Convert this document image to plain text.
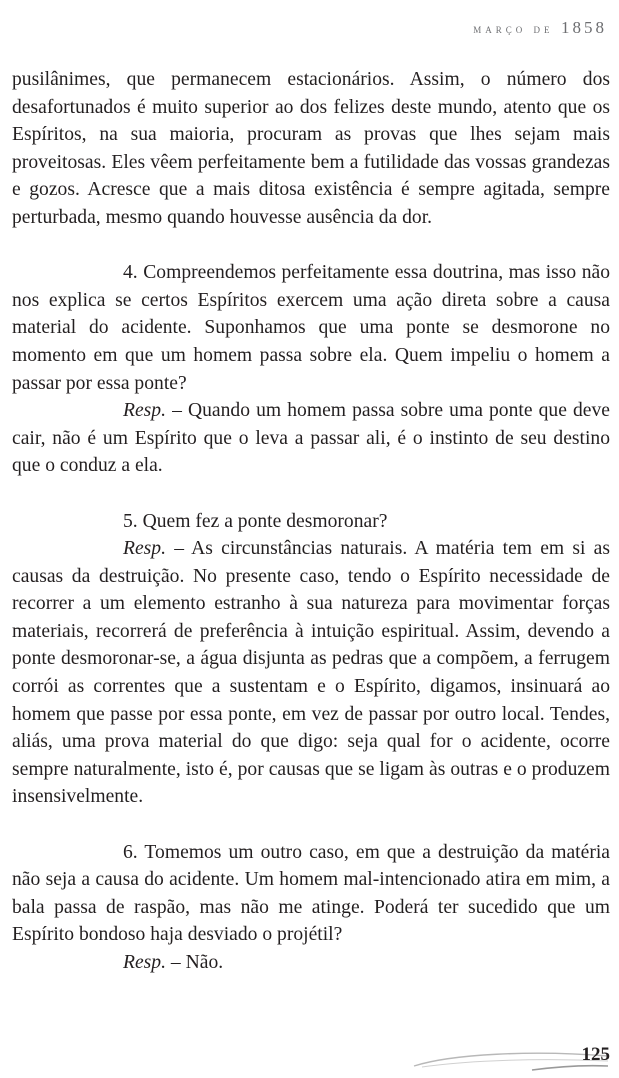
março de 1858

pusilânimes, que permanecem estacionários. Assim, o número dos desafortunados é muito superior ao dos felizes deste mundo, atento que os Espíritos, na sua maioria, procuram as provas que lhes sejam mais proveitosas. Eles vêem perfeitamente bem a futilidade das vossas grandezas e gozos. Acresce que a mais ditosa existência é sempre agitada, sempre perturbada, mesmo quando houvesse ausência da dor.

4. Compreendemos perfeitamente essa doutrina, mas isso não nos explica se certos Espíritos exercem uma ação direta sobre a causa material do acidente. Suponhamos que uma ponte se desmorone no momento em que um homem passa sobre ela. Quem impeliu o homem a passar por essa ponte?

Resp. – Quando um homem passa sobre uma ponte que deve cair, não é um Espírito que o leva a passar ali, é o instinto de seu destino que o conduz a ela.

5. Quem fez a ponte desmoronar?

Resp. – As circunstâncias naturais. A matéria tem em si as causas da destruição. No presente caso, tendo o Espírito necessidade de recorrer a um elemento estranho à sua natureza para movimentar forças materiais, recorrerá de preferência à intuição espiritual. Assim, devendo a ponte desmoronar-se, a água disjunta as pedras que a compõem, a ferrugem corrói as correntes que a sustentam e o Espírito, digamos, insinuará ao homem que passe por essa ponte, em vez de passar por outro local. Tendes, aliás, uma prova material do que digo: seja qual for o acidente, ocorre sempre naturalmente, isto é, por causas que se ligam às outras e o produzem insensivelmente.

6. Tomemos um outro caso, em que a destruição da matéria não seja a causa do acidente. Um homem mal-intencionado atira em mim, a bala passa de raspão, mas não me atinge. Poderá ter sucedido que um Espírito bondoso haja desviado o projétil?

Resp. – Não.

125
